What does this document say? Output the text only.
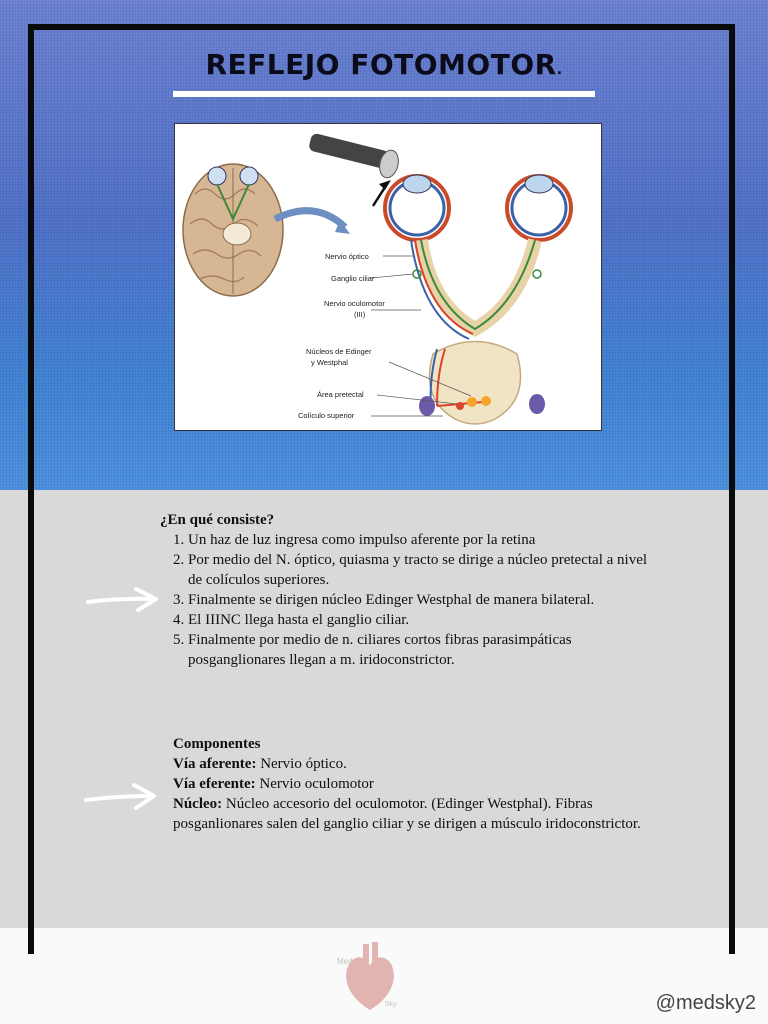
REFLEJO FOTOMOTOR.
Nervio óptico
Ganglio ciliar
Nervio oculomotor
(III)
Núcleos de Edinger
y Westphal
Área pretectal
Colículo superior
¿En qué consiste?
1. Un haz de luz ingresa como impulso aferente por la retina
2. Por medio del N. óptico, quiasma y tracto se dirige a núcleo pretectal a nivel de colículos superiores.
3. Finalmente se dirigen núcleo Edinger Westphal de manera bilateral.
4. El IIINC llega hasta el ganglio ciliar.
5. Finalmente por medio de n. ciliares cortos fibras parasimpáticas posganglionares llegan a m. iridoconstrictor.
Componentes
Vía aferente: Nervio óptico.
Vía eferente: Nervio oculomotor
Núcleo: Núcleo accesorio del oculomotor. (Edinger Westphal). Fibras posganlionares salen del ganglio ciliar y se dirigen a músculo iridoconstrictor.
Med
Sky	@medsky2
